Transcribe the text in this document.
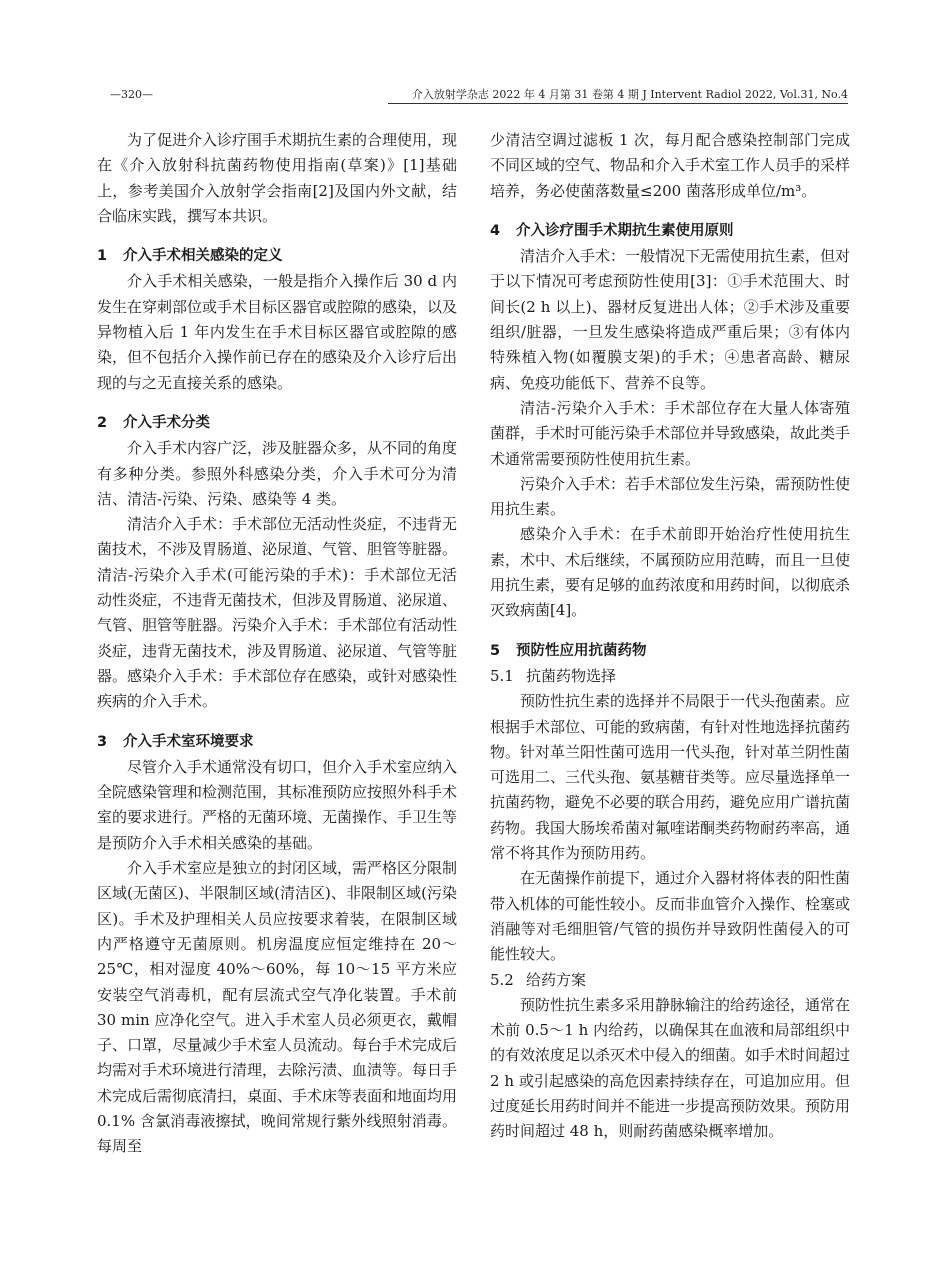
—320—	介入放射学杂志 2022 年 4 月第 31 卷第 4 期 J Intervent Radiol 2022, Vol.31, No.4

为了促进介入诊疗围手术期抗生素的合理使用，现在《介入放射科抗菌药物使用指南(草案)》[1]基础上，参考美国介入放射学会指南[2]及国内外文献，结合临床实践，撰写本共识。

1 介入手术相关感染的定义

介入手术相关感染，一般是指介入操作后 30 d 内发生在穿刺部位或手术目标区器官或腔隙的感染，以及异物植入后 1 年内发生在手术目标区器官或腔隙的感染，但不包括介入操作前已存在的感染及介入诊疗后出现的与之无直接关系的感染。

2 介入手术分类

介入手术内容广泛，涉及脏器众多，从不同的角度有多种分类。参照外科感染分类，介入手术可分为清洁、清洁-污染、污染、感染等 4 类。

清洁介入手术：手术部位无活动性炎症，不违背无菌技术，不涉及胃肠道、泌尿道、气管、胆管等脏器。清洁-污染介入手术(可能污染的手术)：手术部位无活动性炎症，不违背无菌技术，但涉及胃肠道、泌尿道、气管、胆管等脏器。污染介入手术：手术部位有活动性炎症，违背无菌技术，涉及胃肠道、泌尿道、气管等脏器。感染介入手术：手术部位存在感染，或针对感染性疾病的介入手术。

3 介入手术室环境要求

尽管介入手术通常没有切口，但介入手术室应纳入全院感染管理和检测范围，其标准预防应按照外科手术室的要求进行。严格的无菌环境、无菌操作、手卫生等是预防介入手术相关感染的基础。

介入手术室应是独立的封闭区域，需严格区分限制区域(无菌区)、半限制区域(清洁区)、非限制区域(污染区)。手术及护理相关人员应按要求着装，在限制区域内严格遵守无菌原则。机房温度应恒定维持在 20～25℃，相对湿度 40%～60%，每 10～15 平方米应安装空气消毒机，配有层流式空气净化装置。手术前 30 min 应净化空气。进入手术室人员必须更衣，戴帽子、口罩，尽量减少手术室人员流动。每台手术完成后均需对手术环境进行清理，去除污渍、血渍等。每日手术完成后需彻底清扫，桌面、手术床等表面和地面均用 0.1% 含氯消毒液擦拭，晚间常规行紫外线照射消毒。每周至

少清洁空调过滤板 1 次，每月配合感染控制部门完成不同区域的空气、物品和介入手术室工作人员手的采样培养，务必使菌落数量≤200 菌落形成单位/m³。

4 介入诊疗围手术期抗生素使用原则

清洁介入手术：一般情况下无需使用抗生素，但对于以下情况可考虑预防性使用[3]：①手术范围大、时间长(2 h 以上)、器材反复进出人体；②手术涉及重要组织/脏器，一旦发生感染将造成严重后果；③有体内特殊植入物(如覆膜支架)的手术；④患者高龄、糖尿病、免疫功能低下、营养不良等。

清洁-污染介入手术：手术部位存在大量人体寄殖菌群，手术时可能污染手术部位并导致感染，故此类手术通常需要预防性使用抗生素。

污染介入手术：若手术部位发生污染，需预防性使用抗生素。

感染介入手术：在手术前即开始治疗性使用抗生素，术中、术后继续，不属预防应用范畴，而且一旦使用抗生素，要有足够的血药浓度和用药时间，以彻底杀灭致病菌[4]。

5 预防性应用抗菌药物
5.1 抗菌药物选择

预防性抗生素的选择并不局限于一代头孢菌素。应根据手术部位、可能的致病菌，有针对性地选择抗菌药物。针对革兰阳性菌可选用一代头孢，针对革兰阴性菌可选用二、三代头孢、氨基糖苷类等。应尽量选择单一抗菌药物，避免不必要的联合用药，避免应用广谱抗菌药物。我国大肠埃希菌对氟喹诺酮类药物耐药率高，通常不将其作为预防用药。

在无菌操作前提下，通过介入器材将体表的阳性菌带入机体的可能性较小。反而非血管介入操作、栓塞或消融等对毛细胆管/气管的损伤并导致阴性菌侵入的可能性较大。

5.2 给药方案

预防性抗生素多采用静脉输注的给药途径，通常在术前 0.5～1 h 内给药，以确保其在血液和局部组织中的有效浓度足以杀灭术中侵入的细菌。如手术时间超过 2 h 或引起感染的高危因素持续存在，可追加应用。但过度延长用药时间并不能进一步提高预防效果。预防用药时间超过 48 h，则耐药菌感染概率增加。
